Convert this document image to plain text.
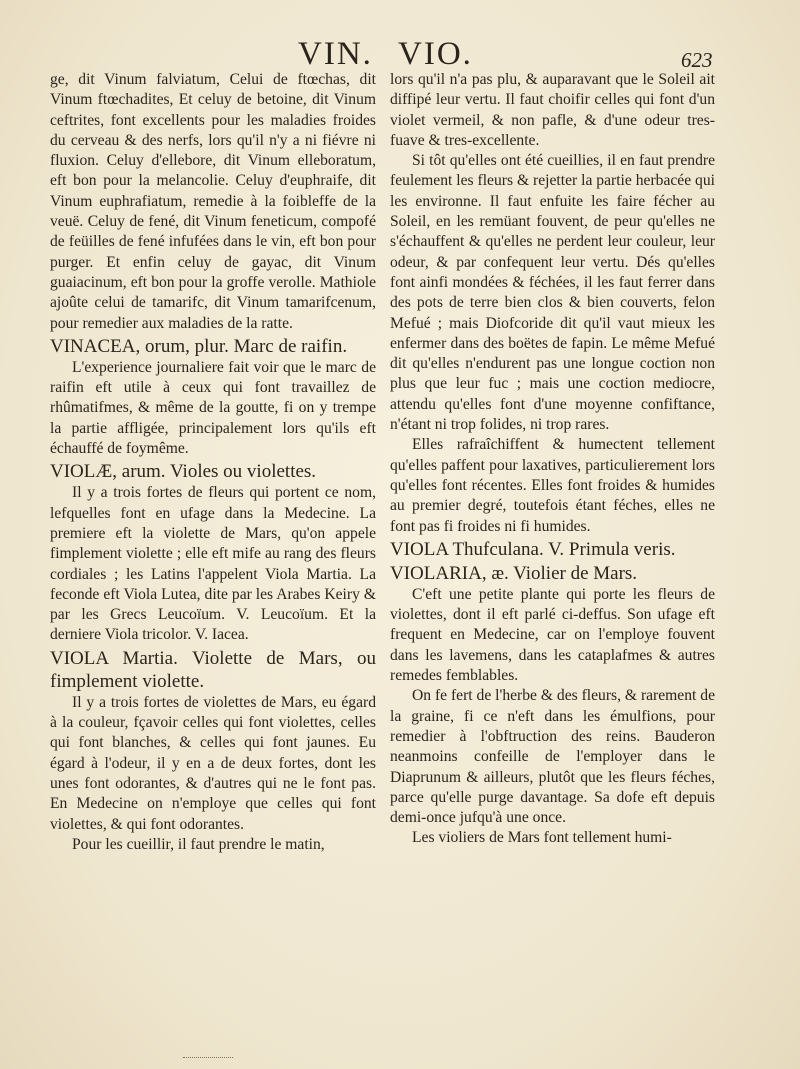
VIN. VIO.	623

ge, dit Vinum falviatum, Celui de ftœchas, dit Vinum ftœchadites, Et celuy de betoine, dit Vinum ceftrites, font excellents pour les maladies froides du cerveau & des nerfs, lors qu'il n'y a ni fiévre ni fluxion. Celuy d'ellebore, dit Vinum elleboratum, eft bon pour la melancolie. Celuy d'euphraife, dit Vinum euphrafiatum, remedie à la foibleffe de la veuë. Celuy de fené, dit Vinum feneticum, compofé de feüilles de fené infufées dans le vin, eft bon pour purger. Et enfin celuy de gayac, dit Vinum guaiacinum, eft bon pour la groffe verolle. Mathiole ajoûte celui de tamarifc, dit Vinum tamarifcenum, pour remedier aux maladies de la ratte.

VINACEA, orum, plur. Marc de raifin.

L'experience journaliere fait voir que le marc de raifin eft utile à ceux qui font travaillez de rhûmatifmes, & même de la goutte, fi on y trempe la partie affligée, principalement lors qu'ils eft échauffé de foymême.

VIOLÆ, arum. Violes ou violettes.

Il y a trois fortes de fleurs qui portent ce nom, lefquelles font en ufage dans la Medecine. La premiere eft la violette de Mars, qu'on appele fimplement violette ; elle eft mife au rang des fleurs cordiales ; les Latins l'appelent Viola Martia. La feconde eft Viola Lutea, dite par les Arabes Keiry & par les Grecs Leucoïum. V. Leucoïum. Et la derniere Viola tricolor. V. Iacea.

VIOLA Martia. Violette de Mars, ou fimplement violette.

Il y a trois fortes de violettes de Mars, eu égard à la couleur, fçavoir celles qui font violettes, celles qui font blanches, & celles qui font jaunes. Eu égard à l'odeur, il y en a de deux fortes, dont les unes font odorantes, & d'autres qui ne le font pas. En Medecine on n'employe que celles qui font violettes, & qui font odorantes.

Pour les cueillir, il faut prendre le matin,

lors qu'il n'a pas plu, & auparavant que le Soleil ait diffipé leur vertu. Il faut choifir celles qui font d'un violet vermeil, & non pafle, & d'une odeur tres-fuave & tres-excellente.

Si tôt qu'elles ont été cueillies, il en faut prendre feulement les fleurs & rejetter la partie herbacée qui les environne. Il faut enfuite les faire fécher au Soleil, en les remüant fouvent, de peur qu'elles ne s'échauffent & qu'elles ne perdent leur couleur, leur odeur, & par confequent leur vertu. Dés qu'elles font ainfi mondées & féchées, il les faut ferrer dans des pots de terre bien clos & bien couverts, felon Mefué ; mais Diofcoride dit qu'il vaut mieux les enfermer dans des boëtes de fapin. Le même Mefué dit qu'elles n'endurent pas une longue coction non plus que leur fuc ; mais une coction mediocre, attendu qu'elles font d'une moyenne confiftance, n'étant ni trop folides, ni trop rares.

Elles rafraîchiffent & humectent tellement qu'elles paffent pour laxatives, particulierement lors qu'elles font récentes. Elles font froides & humides au premier degré, toutefois étant féches, elles ne font pas fi froides ni fi humides.

VIOLA Thufculana. V. Primula veris.

VIOLARIA, æ. Violier de Mars.

C'eft une petite plante qui porte les fleurs de violettes, dont il eft parlé ci-deffus. Son ufage eft frequent en Medecine, car on l'employe fouvent dans les lavemens, dans les cataplafmes & autres remedes femblables.

On fe fert de l'herbe & des fleurs, & rarement de la graine, fi ce n'eft dans les émulfions, pour remedier à l'obftruction des reins. Bauderon neanmoins confeille de l'employer dans le Diaprunum & ailleurs, plutôt que les fleurs féches, parce qu'elle purge davantage. Sa dofe eft depuis demi-once jufqu'à une once.

Les violiers de Mars font tellement humi-
